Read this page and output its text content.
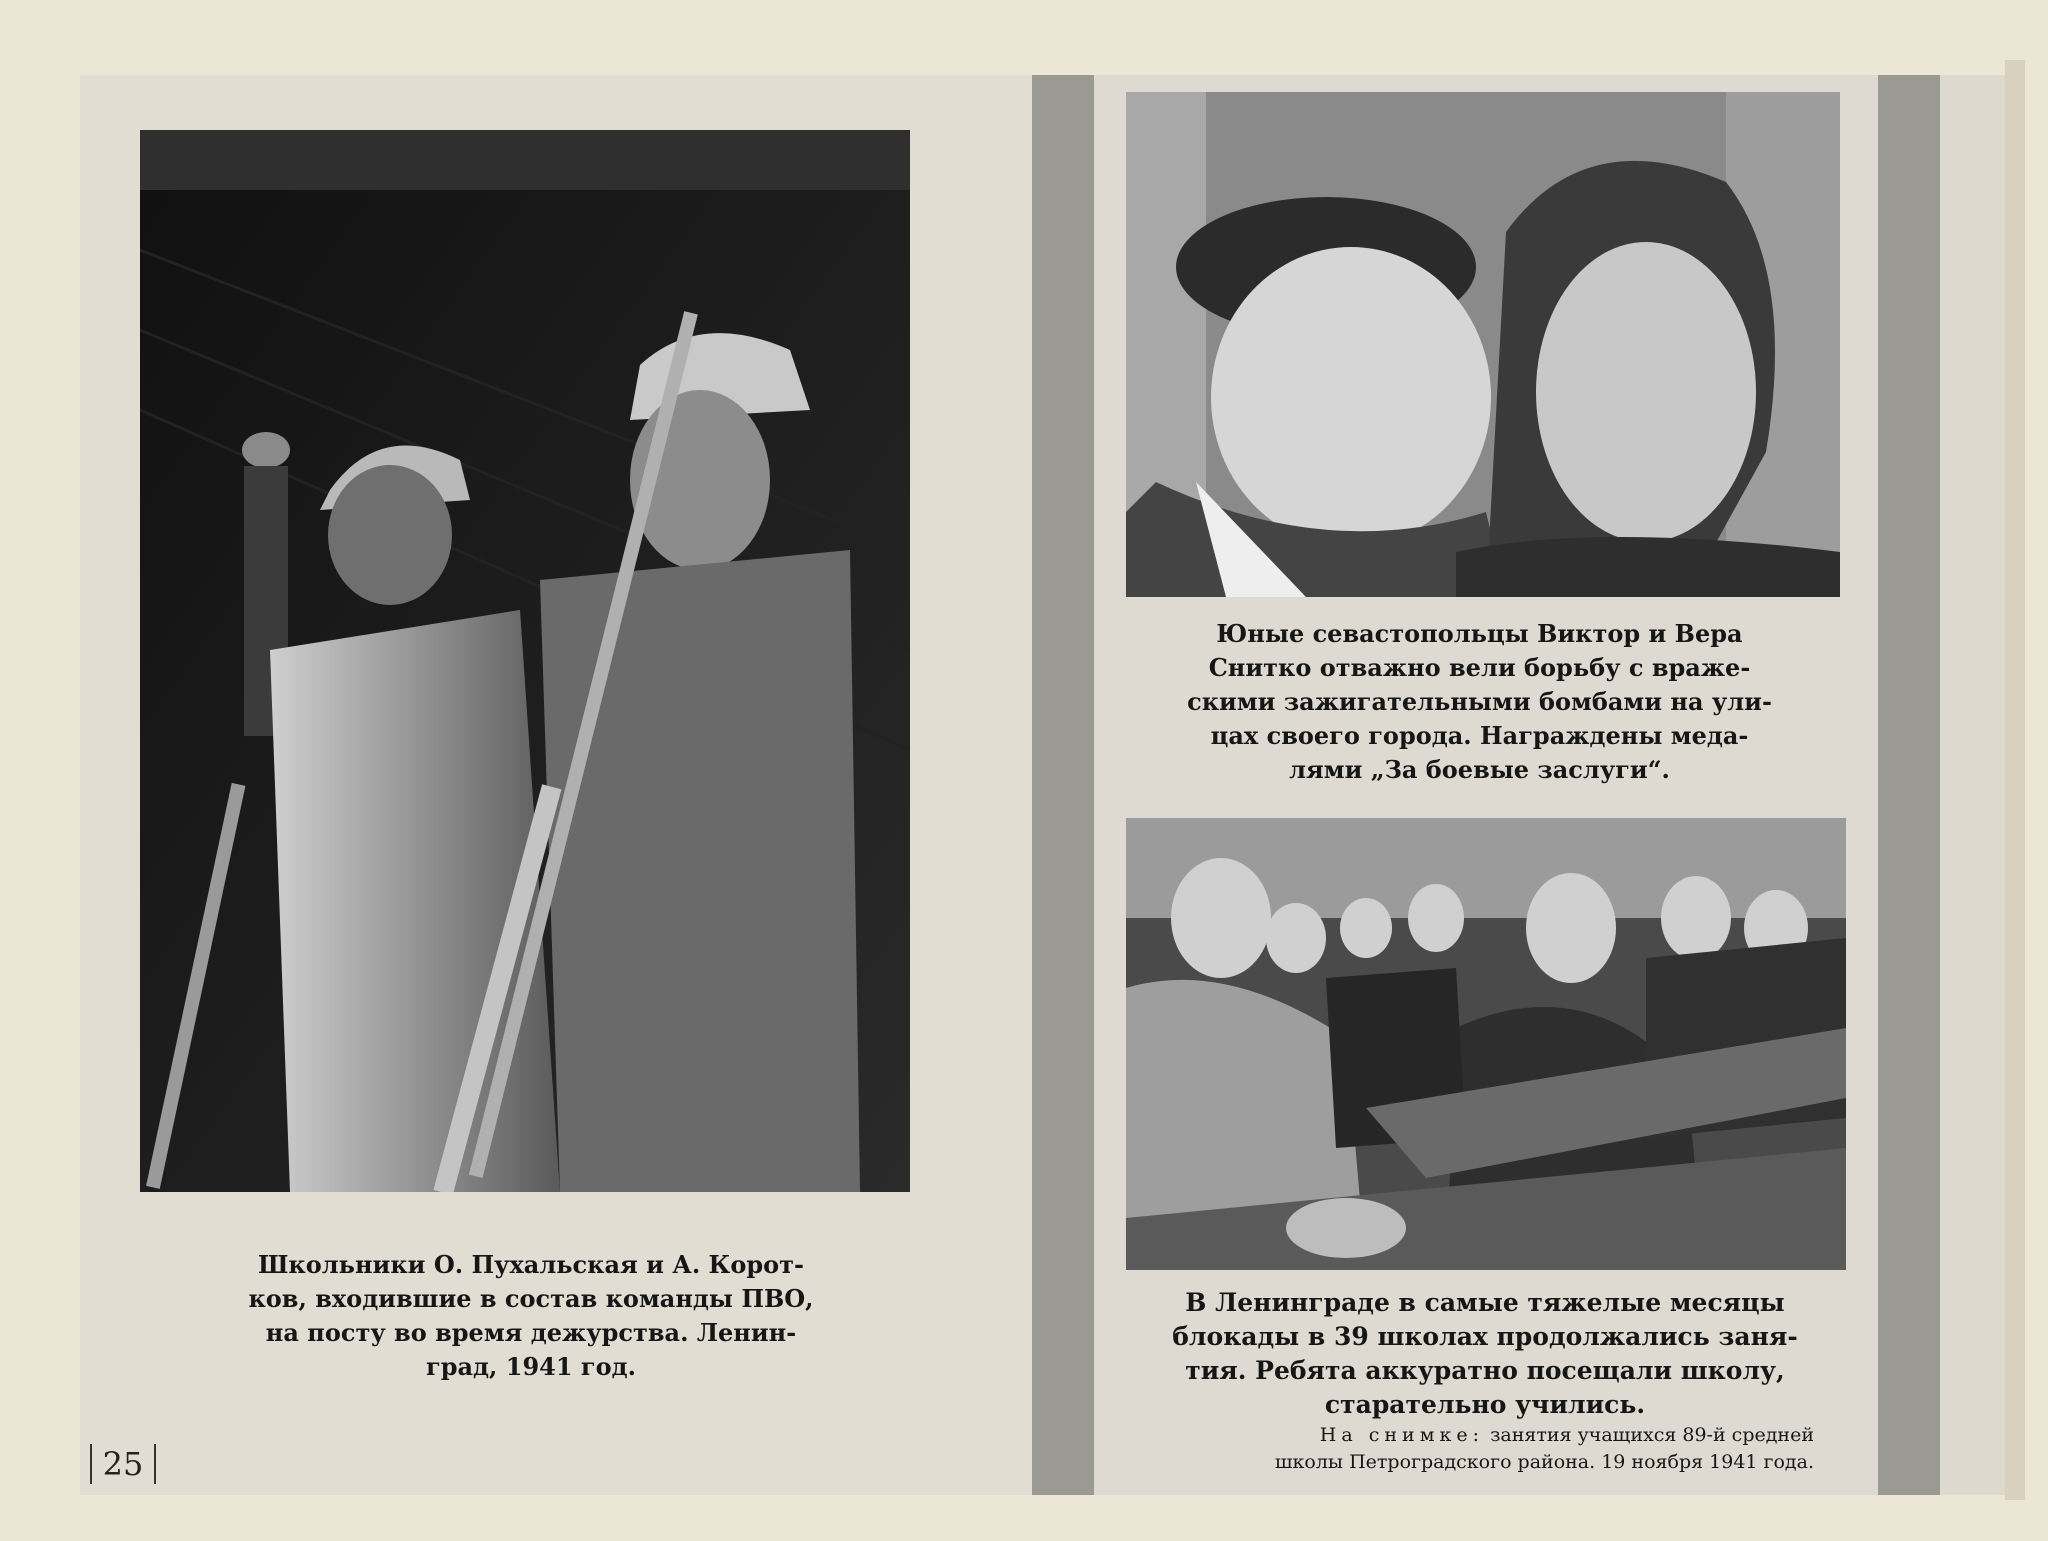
Школьники О. Пухальская и А. Корот-
ков, входившие в состав команды ПВО,
на посту во время дежурства. Ленин-
град, 1941 год.
25
Юные севастопольцы Виктор и Вера
Снитко отважно вели борьбу с враже-
скими зажигательными бомбами на ули-
цах своего города. Награждены меда-
лями „За боевые заслуги“.
В Ленинграде в самые тяжелые месяцы
блокады в 39 школах продолжались заня-
тия. Ребята аккуратно посещали школу,
старательно учились.
На снимке: занятия учащихся 89-й средней
школы Петроградского района. 19 ноября 1941 года.
